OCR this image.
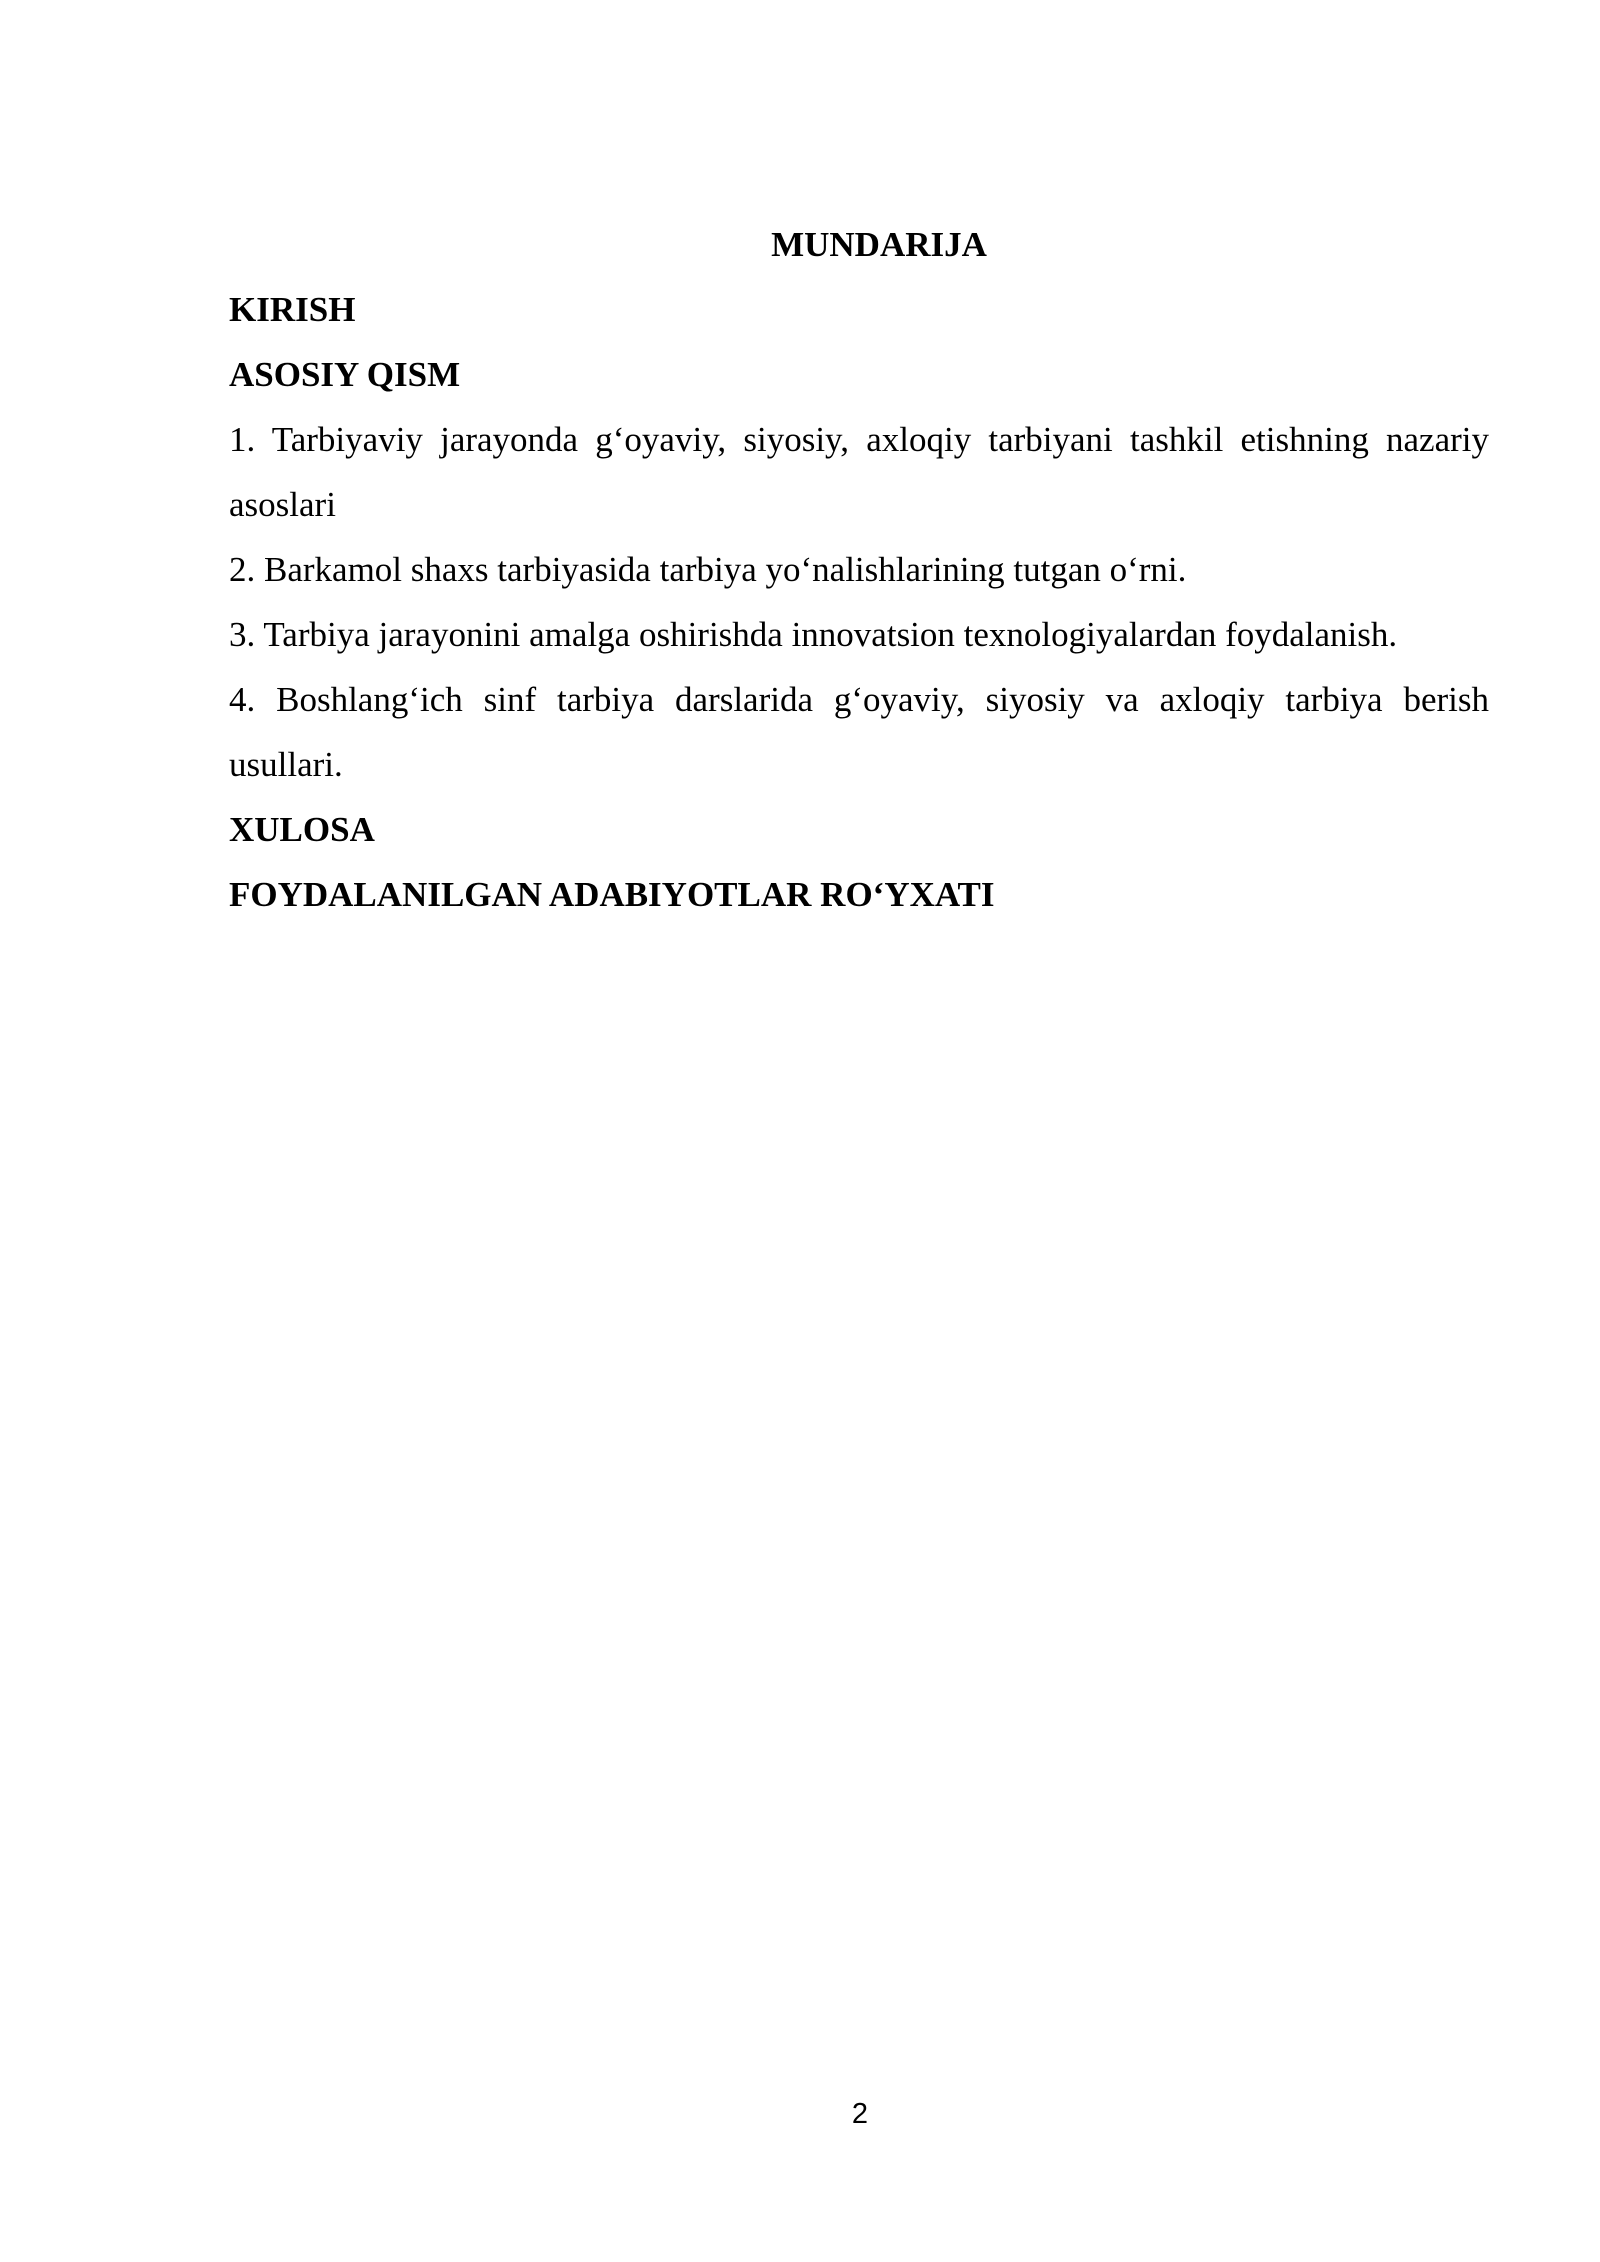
MUNDARIJA

KIRISH

ASOSIY QISM

1. Tarbiyaviy jarayonda g‘oyaviy, siyosiy, axloqiy tarbiyani tashkil etishning nazariy asoslari

2. Barkamol shaxs tarbiyasida tarbiya yo‘nalishlarining tutgan o‘rni.

3. Tarbiya jarayonini amalga oshirishda innovatsion texnologiyalardan foydalanish.

4. Boshlang‘ich sinf tarbiya darslarida g‘oyaviy, siyosiy va axloqiy tarbiya berish usullari.

XULOSA

FOYDALANILGAN ADABIYOTLAR RO‘YXATI

2
